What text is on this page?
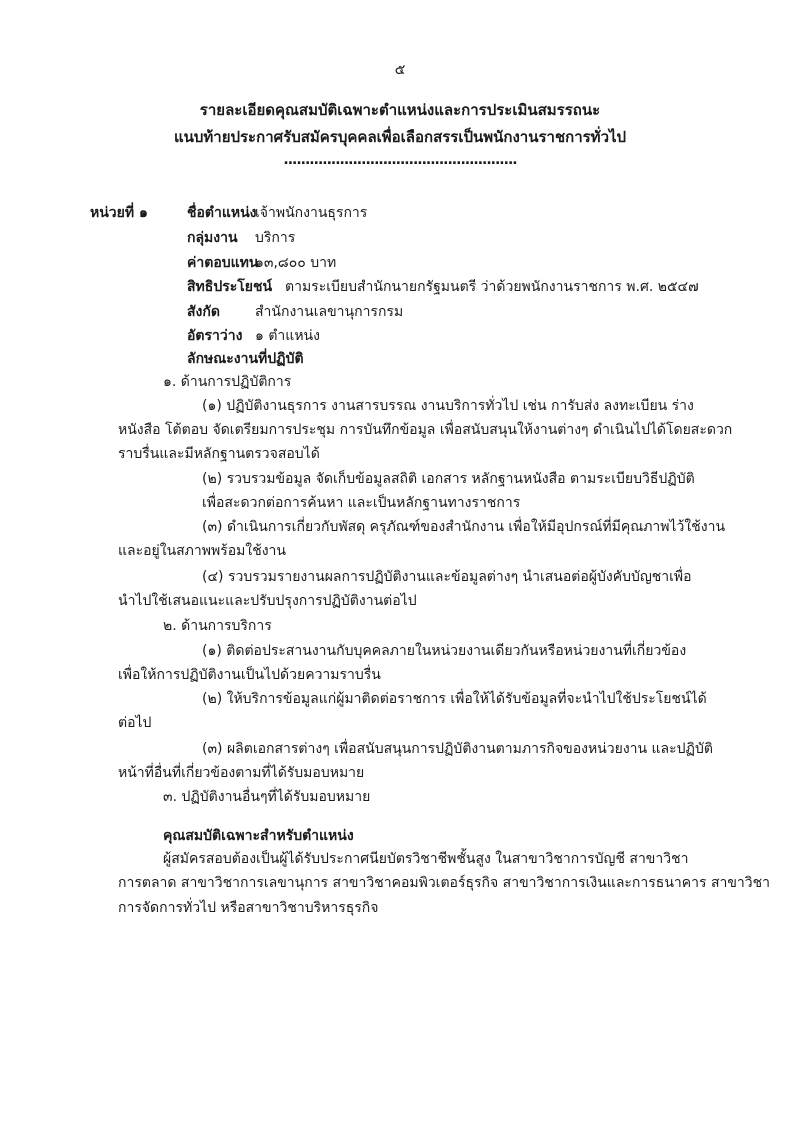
๕
รายละเอียดคุณสมบัติเฉพาะตำแหน่งและการประเมินสมรรถนะ
แนบท้ายประกาศรับสมัครบุคคลเพื่อเลือกสรรเป็นพนักงานราชการทั่วไป
......................................................
หน่วยที่ ๑	ชื่อตำแหน่ง
เจ้าพนักงานธุรการ
กลุ่มงาน บริการ
ค่าตอบแทน
๑๓,๘๐๐ บาท
สิทธิประโยชน์ ตามระเบียบสำนักนายกรัฐมนตรี ว่าด้วยพนักงานราชการ พ.ศ. ๒๕๔๗
สังกัด	สำนักงานเลขานุการกรม
อัตราว่าง ๑ ตำแหน่ง
ลักษณะงานที่ปฏิบัติ
๑. ด้านการปฏิบัติการ
(๑) ปฏิบัติงานธุรการ งานสารบรรณ งานบริการทั่วไป เช่น การับส่ง ลงทะเบียน ร่าง
หนังสือ โต้ตอบ จัดเตรียมการประชุม การบันทึกข้อมูล เพื่อสนับสนุนให้งานต่างๆ ดำเนินไปได้โดยสะดวก
ราบรื่นและมีหลักฐานตรวจสอบได้
(๒) รวบรวมข้อมูล จัดเก็บข้อมูลสถิติ เอกสาร หลักฐานหนังสือ ตามระเบียบวิธีปฏิบัติ
เพื่อสะดวกต่อการค้นหา และเป็นหลักฐานทางราชการ
(๓) ดำเนินการเกี่ยวกับพัสดุ ครุภัณฑ์ของสำนักงาน เพื่อให้มีอุปกรณ์ที่มีคุณภาพไว้ใช้งาน
และอยู่ในสภาพพร้อมใช้งาน
(๔) รวบรวมรายงานผลการปฏิบัติงานและข้อมูลต่างๆ นำเสนอต่อผู้บังคับบัญชาเพื่อ
นำไปใช้เสนอแนะและปรับปรุงการปฏิบัติงานต่อไป
๒. ด้านการบริการ
(๑) ติดต่อประสานงานกับบุคคลภายในหน่วยงานเดียวกันหรือหน่วยงานที่เกี่ยวข้อง
เพื่อให้การปฏิบัติงานเป็นไปด้วยความราบรื่น
(๒) ให้บริการข้อมูลแก่ผู้มาติดต่อราชการ เพื่อให้ได้รับข้อมูลที่จะนำไปใช้ประโยชน์ได้
ต่อไป
(๓) ผลิตเอกสารต่างๆ เพื่อสนับสนุนการปฏิบัติงานตามภารกิจของหน่วยงาน และปฏิบัติ
หน้าที่อื่นที่เกี่ยวข้องตามที่ได้รับมอบหมาย
๓. ปฏิบัติงานอื่นๆที่ได้รับมอบหมาย
คุณสมบัติเฉพาะสำหรับตำแหน่ง
ผู้สมัครสอบต้องเป็นผู้ได้รับประกาศนียบัตรวิชาชีพชั้นสูง ในสาขาวิชาการบัญชี สาขาวิชา
การตลาด สาขาวิชาการเลขานุการ สาขาวิชาคอมพิวเตอร์ธุรกิจ สาขาวิชาการเงินและการธนาคาร สาขาวิชา
การจัดการทั่วไป หรือสาขาวิชาบริหารธุรกิจ
